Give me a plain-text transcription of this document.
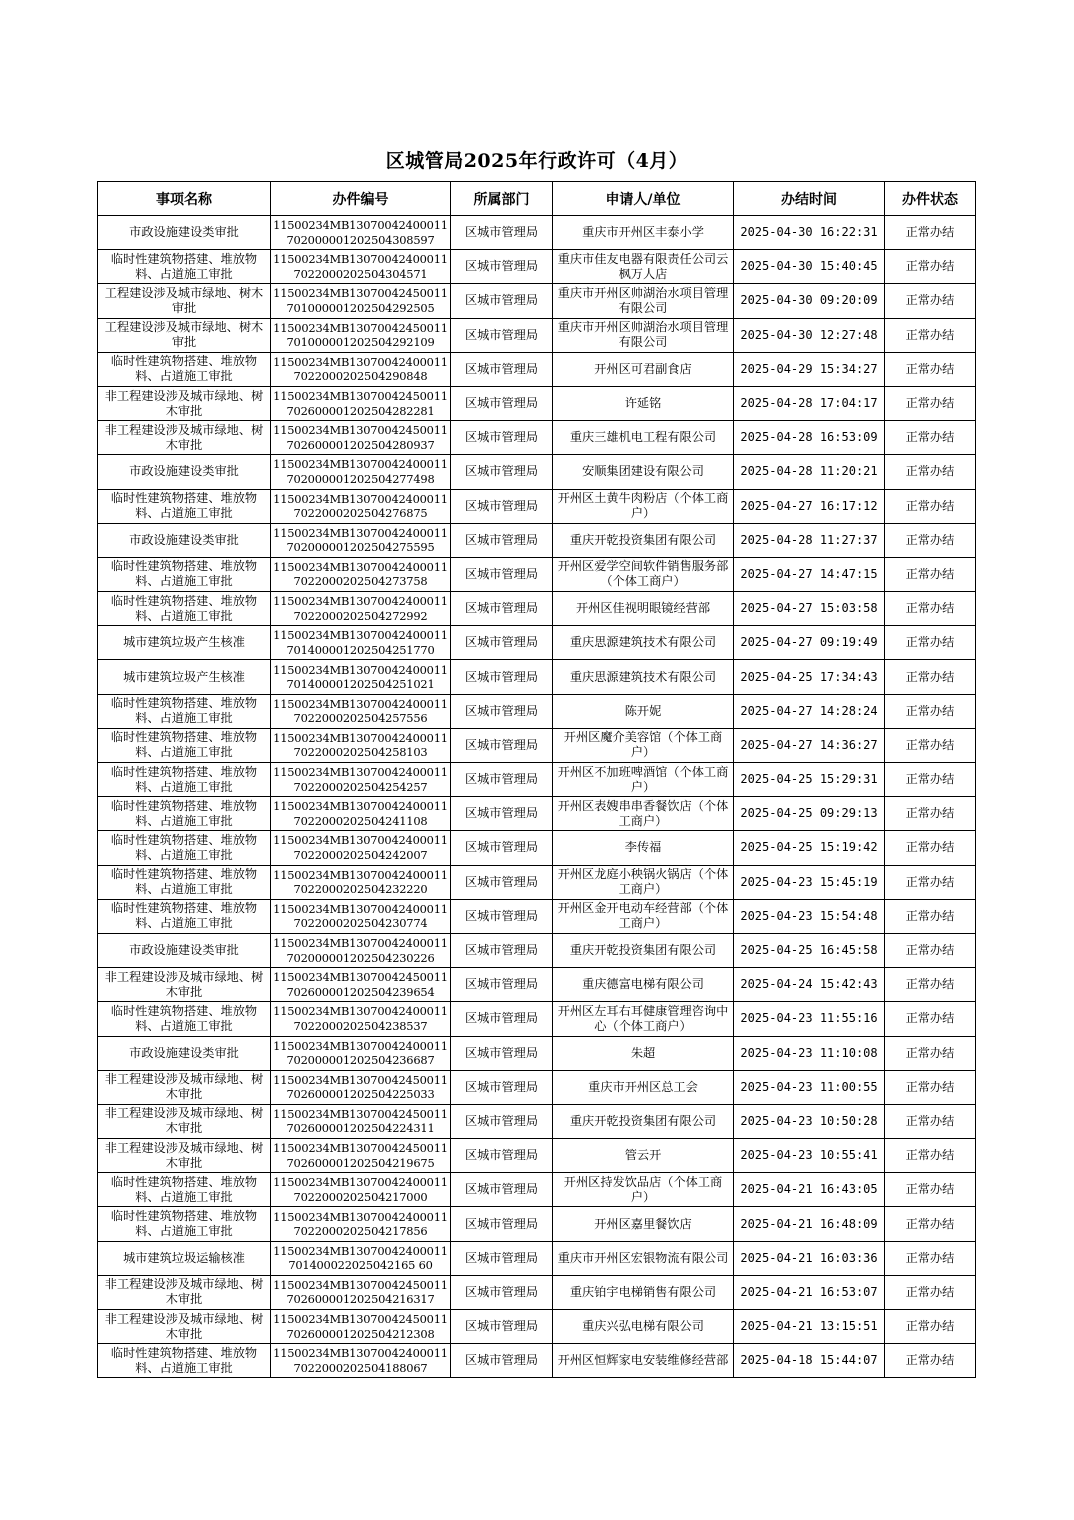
区城管局2025年行政许可（4月）
事项名称	办件编号	所属部门	申请人/单位	办结时间	办件状态
市政设施建设类审批	11500234MB13070042400011 702000001202504308597	区城市管理局	重庆市开州区丰泰小学	2025-04-30 16:22:31	正常办结
临时性建筑物搭建、堆放物料、占道施工审批	11500234MB13070042400011 7022000202504304571	区城市管理局	重庆市佳友电器有限责任公司云枫万人店	2025-04-30 15:40:45	正常办结
工程建设涉及城市绿地、树木审批	11500234MB13070042450011 701000001202504292505	区城市管理局	重庆市开州区帅湖治水项目管理有限公司	2025-04-30 09:20:09	正常办结
工程建设涉及城市绿地、树木审批	11500234MB13070042450011 701000001202504292109	区城市管理局	重庆市开州区帅湖治水项目管理有限公司	2025-04-30 12:27:48	正常办结
临时性建筑物搭建、堆放物料、占道施工审批	11500234MB13070042400011 7022000202504290848	区城市管理局	开州区可君副食店	2025-04-29 15:34:27	正常办结
非工程建设涉及城市绿地、树木审批	11500234MB13070042450011 702600001202504282281	区城市管理局	许延铭	2025-04-28 17:04:17	正常办结
非工程建设涉及城市绿地、树木审批	11500234MB13070042450011 702600001202504280937	区城市管理局	重庆三雄机电工程有限公司	2025-04-28 16:53:09	正常办结
市政设施建设类审批	11500234MB13070042400011 702000001202504277498	区城市管理局	安顺集团建设有限公司	2025-04-28 11:20:21	正常办结
临时性建筑物搭建、堆放物料、占道施工审批	11500234MB13070042400011 7022000202504276875	区城市管理局	开州区土黄牛肉粉店（个体工商户）	2025-04-27 16:17:12	正常办结
市政设施建设类审批	11500234MB13070042400011 702000001202504275595	区城市管理局	重庆开乾投资集团有限公司	2025-04-28 11:27:37	正常办结
临时性建筑物搭建、堆放物料、占道施工审批	11500234MB13070042400011 7022000202504273758	区城市管理局	开州区爱学空间软件销售服务部（个体工商户）	2025-04-27 14:47:15	正常办结
临时性建筑物搭建、堆放物料、占道施工审批	11500234MB13070042400011 7022000202504272992	区城市管理局	开州区佳视明眼镜经营部	2025-04-27 15:03:58	正常办结
城市建筑垃圾产生核准	11500234MB13070042400011 701400001202504251770	区城市管理局	重庆思源建筑技术有限公司	2025-04-27 09:19:49	正常办结
城市建筑垃圾产生核准	11500234MB13070042400011 701400001202504251021	区城市管理局	重庆思源建筑技术有限公司	2025-04-25 17:34:43	正常办结
临时性建筑物搭建、堆放物料、占道施工审批	11500234MB13070042400011 7022000202504257556	区城市管理局	陈开妮	2025-04-27 14:28:24	正常办结
临时性建筑物搭建、堆放物料、占道施工审批	11500234MB13070042400011 7022000202504258103	区城市管理局	开州区魔介美容馆（个体工商户）	2025-04-27 14:36:27	正常办结
临时性建筑物搭建、堆放物料、占道施工审批	11500234MB13070042400011 7022000202504254257	区城市管理局	开州区不加班啤酒馆（个体工商户）	2025-04-25 15:29:31	正常办结
临时性建筑物搭建、堆放物料、占道施工审批	11500234MB13070042400011 7022000202504241108	区城市管理局	开州区表嫂串串香餐饮店（个体工商户）	2025-04-25 09:29:13	正常办结
临时性建筑物搭建、堆放物料、占道施工审批	11500234MB13070042400011 7022000202504242007	区城市管理局	李传福	2025-04-25 15:19:42	正常办结
临时性建筑物搭建、堆放物料、占道施工审批	11500234MB13070042400011 7022000202504232220	区城市管理局	开州区龙庭小秧锅火锅店（个体工商户）	2025-04-23 15:45:19	正常办结
临时性建筑物搭建、堆放物料、占道施工审批	11500234MB13070042400011 7022000202504230774	区城市管理局	开州区金开电动车经营部（个体工商户）	2025-04-23 15:54:48	正常办结
市政设施建设类审批	11500234MB13070042400011 702000001202504230226	区城市管理局	重庆开乾投资集团有限公司	2025-04-25 16:45:58	正常办结
非工程建设涉及城市绿地、树木审批	11500234MB13070042450011 702600001202504239654	区城市管理局	重庆德富电梯有限公司	2025-04-24 15:42:43	正常办结
临时性建筑物搭建、堆放物料、占道施工审批	11500234MB13070042400011 7022000202504238537	区城市管理局	开州区左耳右耳健康管理咨询中心（个体工商户）	2025-04-23 11:55:16	正常办结
市政设施建设类审批	11500234MB13070042400011 702000001202504236687	区城市管理局	朱超	2025-04-23 11:10:08	正常办结
非工程建设涉及城市绿地、树木审批	11500234MB13070042450011 702600001202504225033	区城市管理局	重庆市开州区总工会	2025-04-23 11:00:55	正常办结
非工程建设涉及城市绿地、树木审批	11500234MB13070042450011 702600001202504224311	区城市管理局	重庆开乾投资集团有限公司	2025-04-23 10:50:28	正常办结
非工程建设涉及城市绿地、树木审批	11500234MB13070042450011 702600001202504219675	区城市管理局	管云开	2025-04-23 10:55:41	正常办结
临时性建筑物搭建、堆放物料、占道施工审批	11500234MB13070042400011 7022000202504217000	区城市管理局	开州区持发饮品店（个体工商户）	2025-04-21 16:43:05	正常办结
临时性建筑物搭建、堆放物料、占道施工审批	11500234MB13070042400011 7022000202504217856	区城市管理局	开州区嘉里餐饮店	2025-04-21 16:48:09	正常办结
城市建筑垃圾运输核准	11500234MB13070042400011 701400022025042165 60	区城市管理局	重庆市开州区宏银物流有限公司	2025-04-21 16:03:36	正常办结
非工程建设涉及城市绿地、树木审批	11500234MB13070042450011 702600001202504216317	区城市管理局	重庆铂宇电梯销售有限公司	2025-04-21 16:53:07	正常办结
非工程建设涉及城市绿地、树木审批	11500234MB13070042450011 702600001202504212308	区城市管理局	重庆兴弘电梯有限公司	2025-04-21 13:15:51	正常办结
临时性建筑物搭建、堆放物料、占道施工审批	11500234MB13070042400011 7022000202504188067	区城市管理局	开州区恒辉家电安装维修经营部	2025-04-18 15:44:07	正常办结
